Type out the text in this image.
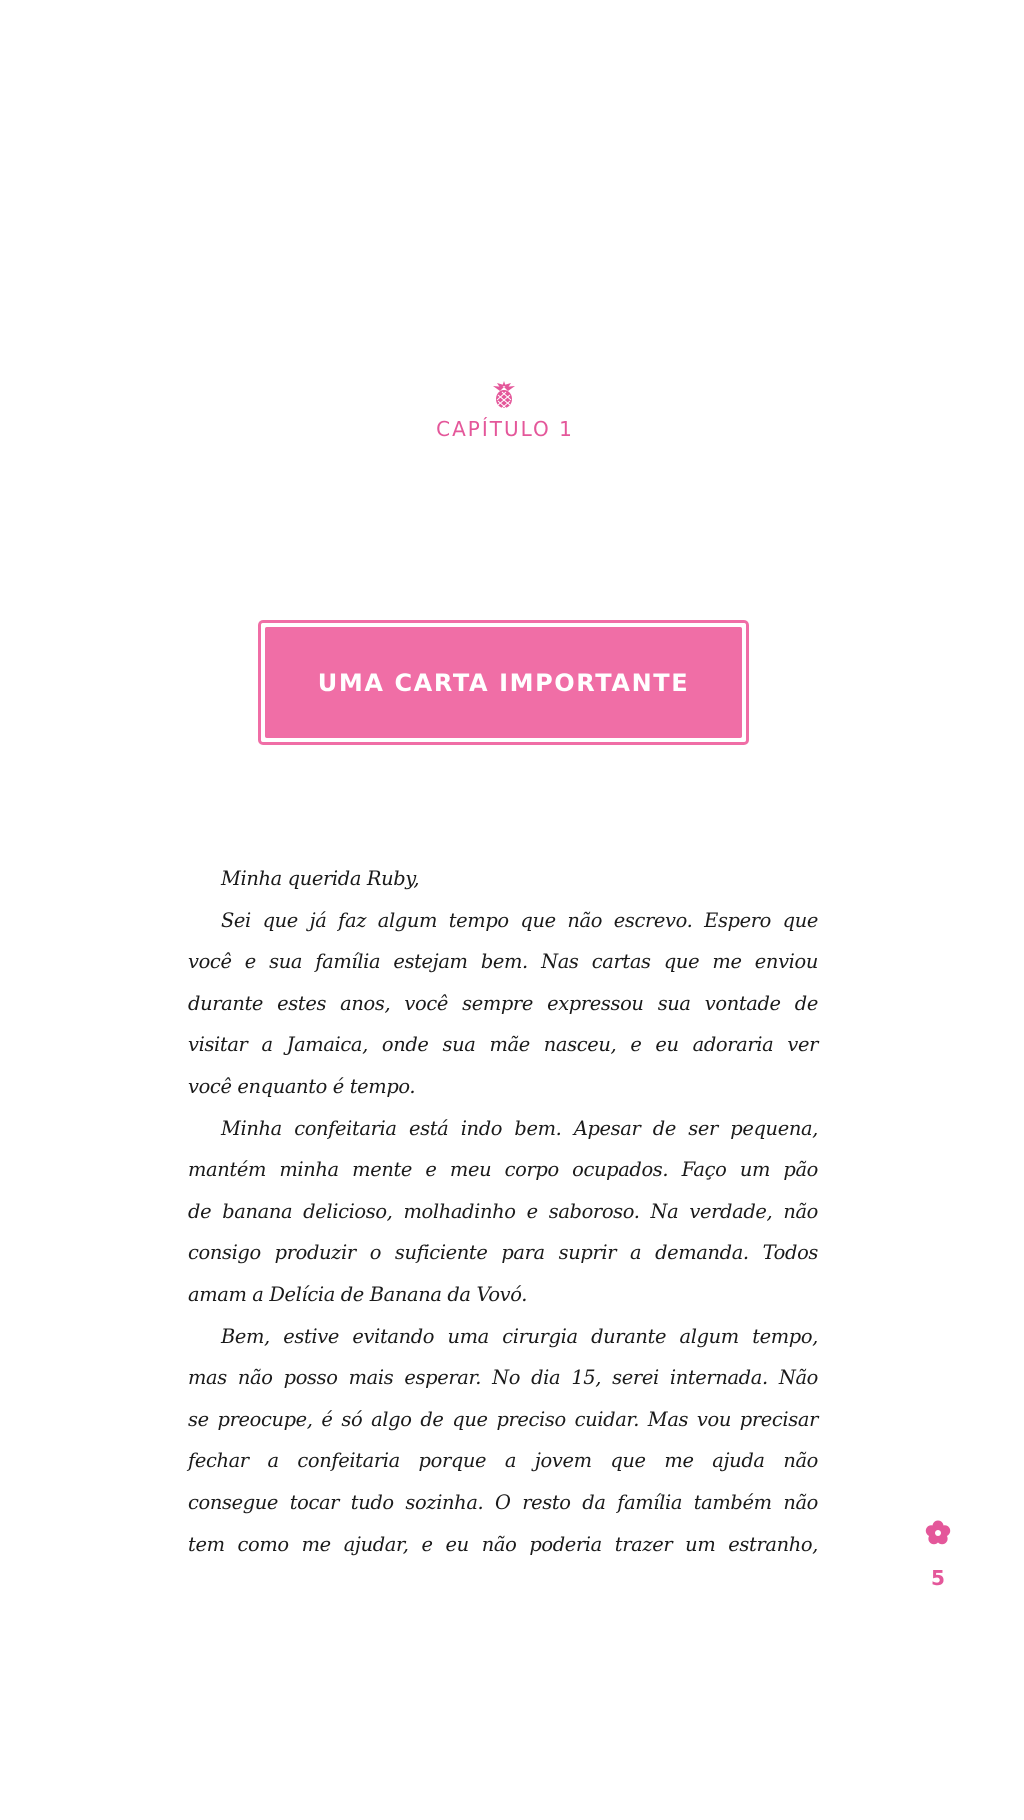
CAPÍTULO 1
UMA CARTA IMPORTANTE
Minha querida Ruby,
Sei que já faz algum tempo que não escrevo. Espero que
você e sua família estejam bem. Nas cartas que me enviou
durante estes anos, você sempre expressou sua vontade de
visitar a Jamaica, onde sua mãe nasceu, e eu adoraria ver
você enquanto é tempo.
Minha confeitaria está indo bem. Apesar de ser pequena,
mantém minha mente e meu corpo ocupados. Faço um pão
de banana delicioso, molhadinho e saboroso. Na verdade, não
consigo produzir o suficiente para suprir a demanda. Todos
amam a Delícia de Banana da Vovó.
Bem, estive evitando uma cirurgia durante algum tempo,
mas não posso mais esperar. No dia 15, serei internada. Não
se preocupe, é só algo de que preciso cuidar. Mas vou precisar
fechar a confeitaria porque a jovem que me ajuda não
consegue tocar tudo sozinha. O resto da família também não
tem como me ajudar, e eu não poderia trazer um estranho,
5
